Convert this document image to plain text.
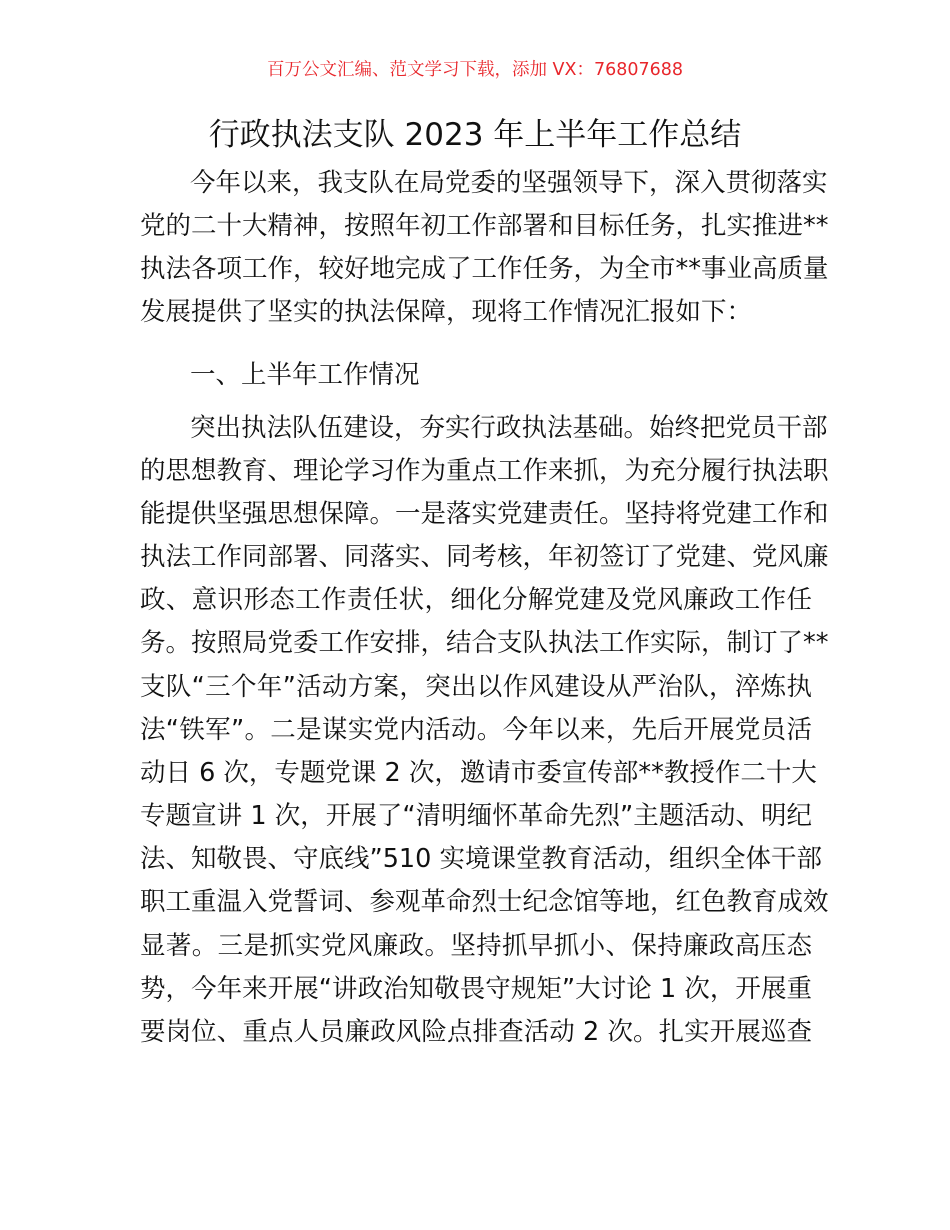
百万公文汇编、范文学习下载，添加 VX：76807688
行政执法支队 2023 年上半年工作总结
今年以来，我支队在局党委的坚强领导下，深入贯彻落实
党的二十大精神，按照年初工作部署和目标任务，扎实推进**
执法各项工作，较好地完成了工作任务，为全市**事业高质量
发展提供了坚实的执法保障，现将工作情况汇报如下：
一、上半年工作情况
突出执法队伍建设，夯实行政执法基础。始终把党员干部
的思想教育、理论学习作为重点工作来抓，为充分履行执法职
能提供坚强思想保障。一是落实党建责任。坚持将党建工作和
执法工作同部署、同落实、同考核，年初签订了党建、党风廉
政、意识形态工作责任状，细化分解党建及党风廉政工作任
务。按照局党委工作安排，结合支队执法工作实际，制订了**
支队“三个年”活动方案，突出以作风建设从严治队，淬炼执
法“铁军”。二是谋实党内活动。今年以来，先后开展党员活
动日 6 次，专题党课 2 次，邀请市委宣传部**教授作二十大
专题宣讲 1 次，开展了“清明缅怀革命先烈”主题活动、明纪
法、知敬畏、守底线”510 实境课堂教育活动，组织全体干部
职工重温入党誓词、参观革命烈士纪念馆等地，红色教育成效
显著。三是抓实党风廉政。坚持抓早抓小、保持廉政高压态
势，今年来开展“讲政治知敬畏守规矩”大讨论 1 次，开展重
要岗位、重点人员廉政风险点排查活动 2 次。扎实开展巡查
